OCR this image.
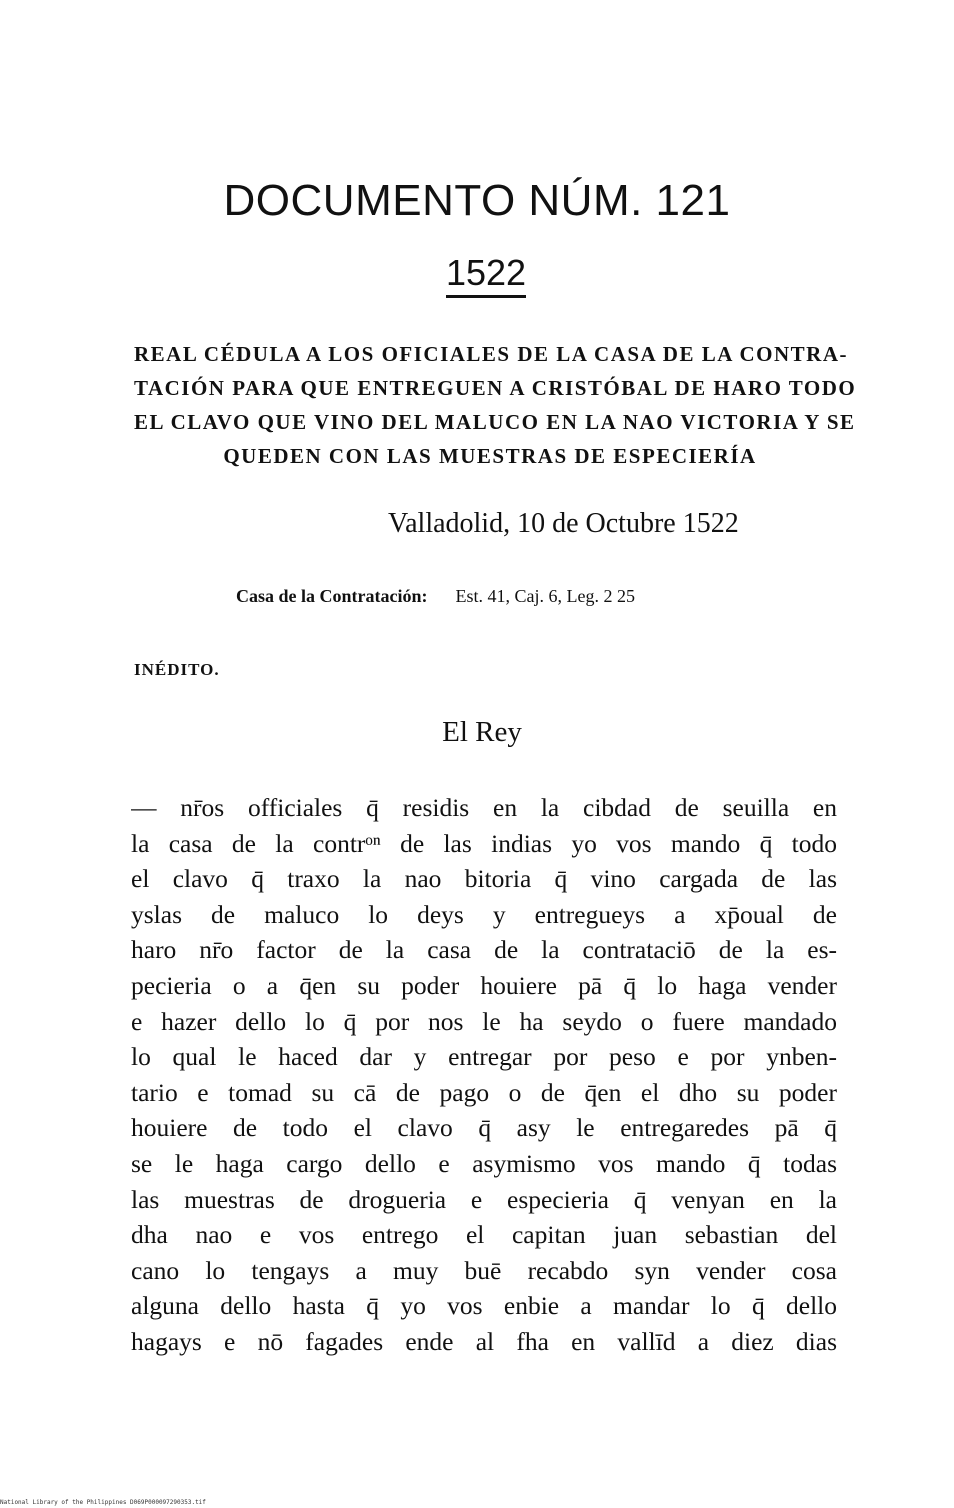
DOCUMENTO NÚM. 121
1522
REAL CÉDULA A LOS OFICIALES DE LA CASA DE LA CONTRA-
TACIÓN PARA QUE ENTREGUEN A CRISTÓBAL DE HARO TODO
EL CLAVO QUE VINO DEL MALUCO EN LA NAO VICTORIA Y SE
QUEDEN CON LAS MUESTRAS DE ESPECIERÍA
Valladolid, 10 de Octubre 1522
Casa de la Contratación: Est. 41, Caj. 6, Leg. 2 25
INÉDITO.
El Rey
— nr̄os officiales q̄ residis en la cibdad de seuilla en
la casa de la contrᵒⁿ de las indias yo vos mando q̄ todo
el clavo q̄ traxo la nao bitoria q̄ vino cargada de las
yslas de maluco lo deys y entregueys a xp̄oual de
haro nr̄o factor de la casa de la contrataciō de la es-
pecieria o a q̄en su poder houiere pā q̄ lo haga vender
e hazer dello lo q̄ por nos le ha seydo o fuere mandado
lo qual le haced dar y entregar por peso e por ynben-
tario e tomad su cā de pago o de q̄en el dho su poder
houiere de todo el clavo q̄ asy le entregaredes pā q̄
se le haga cargo dello e asymismo vos mando q̄ todas
las muestras de drogueria e especieria q̄ venyan en la
dha nao e vos entrego el capitan juan sebastian del
cano lo tengays a muy buē recabdo syn vender cosa
alguna dello hasta q̄ yo vos enbie a mandar lo q̄ dello
hagays e nō fagades ende al fha en vallīd a diez dias
National Library of the Philippines D069P000097290353.tif
